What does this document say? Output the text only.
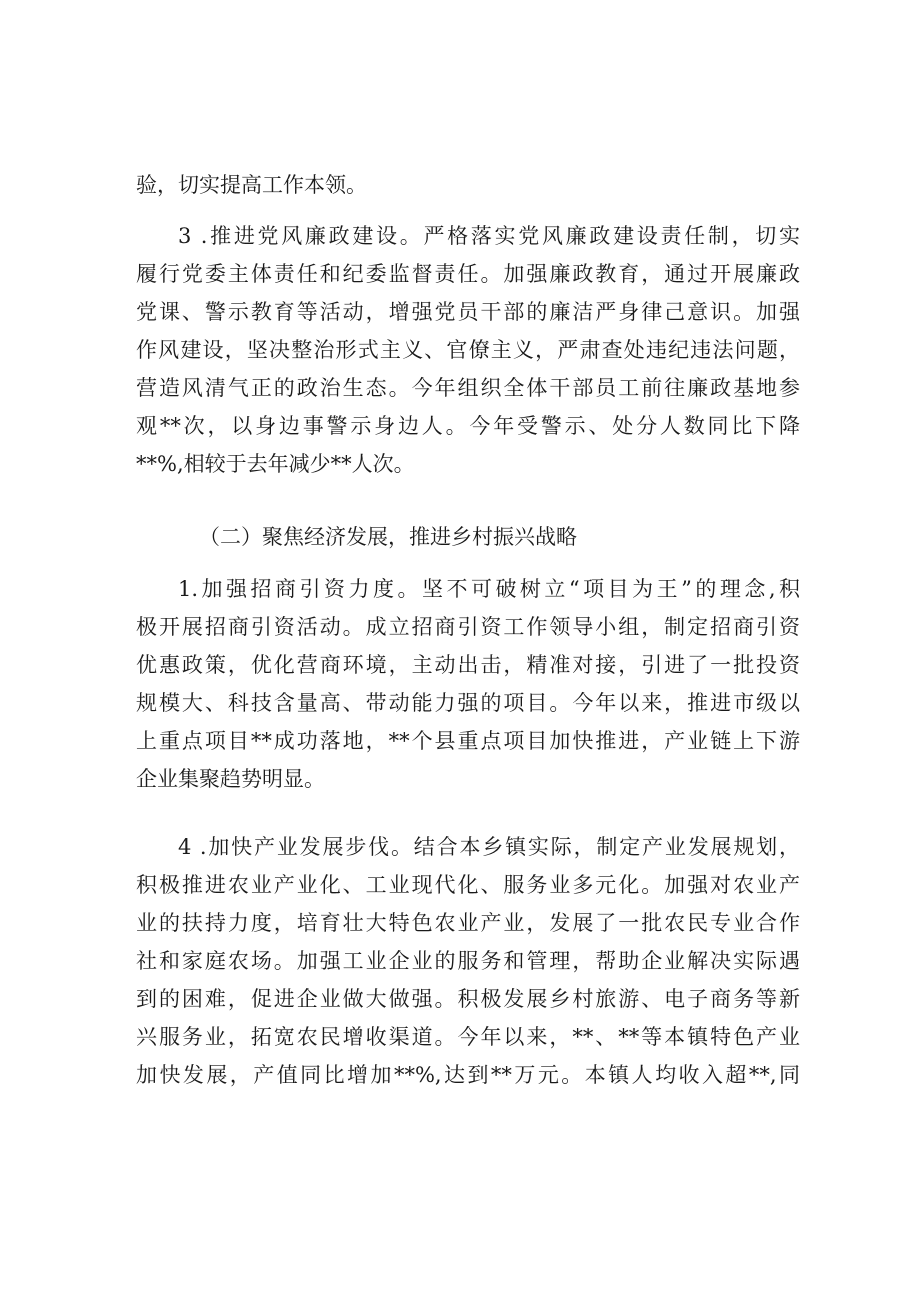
验，切实提高工作本领。
3 .推进党风廉政建设。严格落实党风廉政建设责任制，切实
履行党委主体责任和纪委监督责任。加强廉政教育，通过开展廉政
党课、警示教育等活动，增强党员干部的廉洁严身律己意识。加强
作风建设，坚决整治形式主义、官僚主义，严肃查处违纪违法问题，
营造风清气正的政治生态。今年组织全体干部员工前往廉政基地参
观**次，以身边事警示身边人。今年受警示、处分人数同比下降
**%,相较于去年减少**人次。
（二）聚焦经济发展，推进乡村振兴战略
1.加强招商引资力度。坚不可破树立“项目为王”的理念,积
极开展招商引资活动。成立招商引资工作领导小组，制定招商引资
优惠政策，优化营商环境，主动出击，精准对接，引进了一批投资
规模大、科技含量高、带动能力强的项目。今年以来，推进市级以
上重点项目**成功落地，**个县重点项目加快推进，产业链上下游
企业集聚趋势明显。
4 .加快产业发展步伐。结合本乡镇实际，制定产业发展规划，
积极推进农业产业化、工业现代化、服务业多元化。加强对农业产
业的扶持力度，培育壮大特色农业产业，发展了一批农民专业合作
社和家庭农场。加强工业企业的服务和管理，帮助企业解决实际遇
到的困难，促进企业做大做强。积极发展乡村旅游、电子商务等新
兴服务业，拓宽农民增收渠道。今年以来，**、**等本镇特色产业
加快发展，产值同比增加**%,达到**万元。本镇人均收入超**,同
